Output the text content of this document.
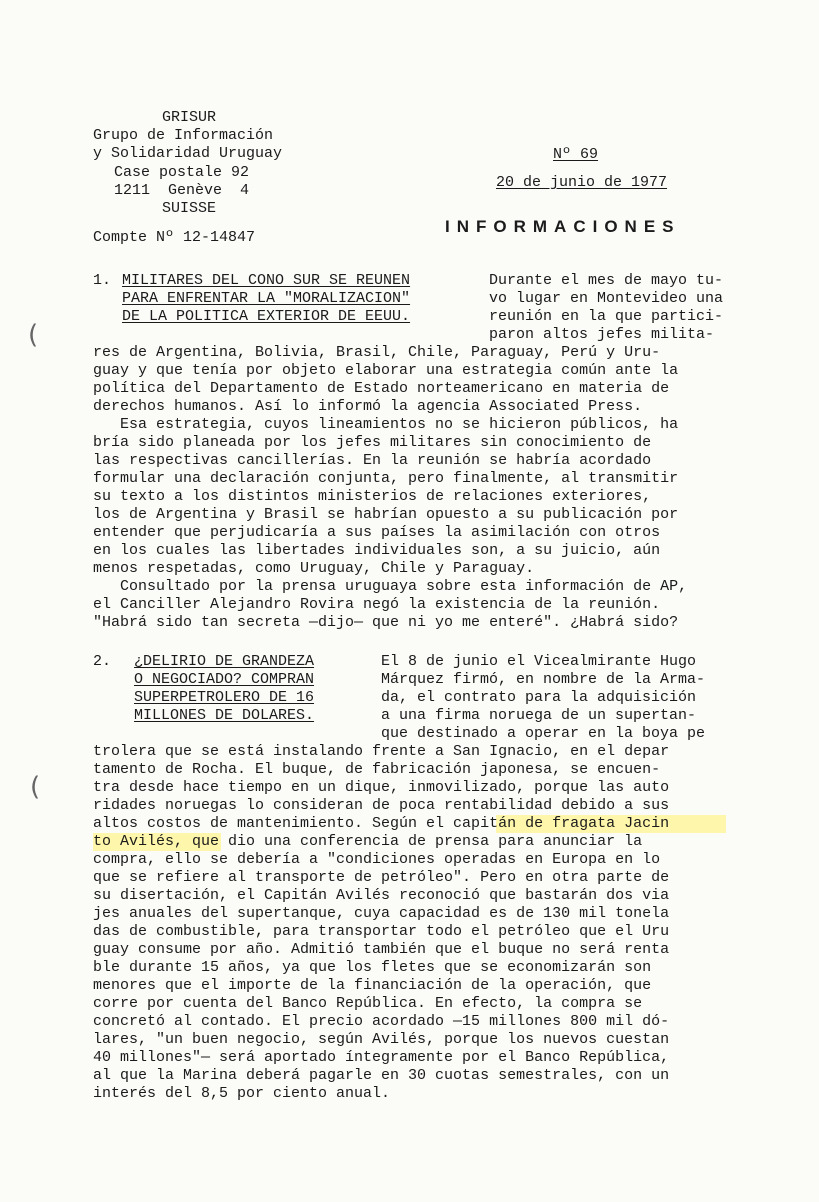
(
(
GRISUR
Grupo de Información
y Solidaridad Uruguay
Case postale 92
1211  Genève  4
SUISSE
Compte Nº 12-14847
Nº 69
20 de junio de 1977
INFORMACIONES
1. MILITARES DEL CONO SUR SE REUNEN
PARA ENFRENTAR LA "MORALIZACION"
DE LA POLITICA EXTERIOR DE EEUU.
Durante el mes de mayo tu-
vo lugar en Montevideo una
reunión en la que partici-
paron altos jefes milita-
res de Argentina, Bolivia, Brasil, Chile, Paraguay, Perú y Uru-
guay y que tenía por objeto elaborar una estrategia común ante la
política del Departamento de Estado norteamericano en materia de
derechos humanos. Así lo informó la agencia Associated Press.
Esa estrategia, cuyos lineamientos no se hicieron públicos, ha
bría sido planeada por los jefes militares sin conocimiento de
las respectivas cancillerías. En la reunión se habría acordado
formular una declaración conjunta, pero finalmente, al transmitir
su texto a los distintos ministerios de relaciones exteriores,
los de Argentina y Brasil se habrían opuesto a su publicación por
entender que perjudicaría a sus países la asimilación con otros
en los cuales las libertades individuales son, a su juicio, aún
menos respetadas, como Uruguay, Chile y Paraguay.
Consultado por la prensa uruguaya sobre esta información de AP,
el Canciller Alejandro Rovira negó la existencia de la reunión.
"Habrá sido tan secreta —dijo— que ni yo me enteré". ¿Habrá sido?
2. ¿DELIRIO DE GRANDEZA
O NEGOCIADO? COMPRAN
SUPERPETROLERO DE 16
MILLONES DE DOLARES.
El 8 de junio el Vicealmirante Hugo
Márquez firmó, en nombre de la Arma-
da, el contrato para la adquisición
a una firma noruega de un supertan-
que destinado a operar en la boya pe
trolera que se está instalando frente a San Ignacio, en el depar
tamento de Rocha. El buque, de fabricación japonesa, se encuen-
tra desde hace tiempo en un dique, inmovilizado, porque las auto
ridades noruegas lo consideran de poca rentabilidad debido a sus
altos costos de mantenimiento. Según el capitán de fragata Jacin
to Avilés, que dio una conferencia de prensa para anunciar la
compra, ello se debería a "condiciones operadas en Europa en lo
que se refiere al transporte de petróleo". Pero en otra parte de
su disertación, el Capitán Avilés reconoció que bastarán dos via
jes anuales del supertanque, cuya capacidad es de 130 mil tonela
das de combustible, para transportar todo el petróleo que el Uru
guay consume por año. Admitió también que el buque no será renta
ble durante 15 años, ya que los fletes que se economizarán son
menores que el importe de la financiación de la operación, que
corre por cuenta del Banco República. En efecto, la compra se
concretó al contado. El precio acordado —15 millones 800 mil dó-
lares, "un buen negocio, según Avilés, porque los nuevos cuestan
40 millones"— será aportado íntegramente por el Banco República,
al que la Marina deberá pagarle en 30 cuotas semestrales, con un
interés del 8,5 por ciento anual.
